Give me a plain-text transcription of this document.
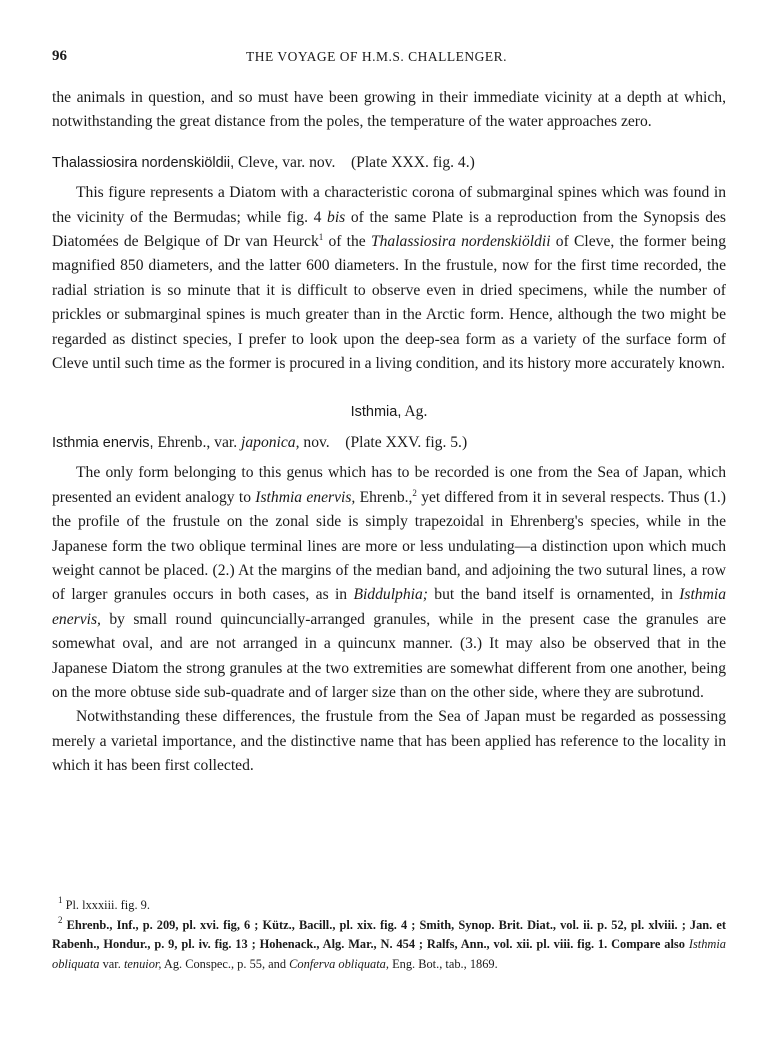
96	THE VOYAGE OF H.M.S. CHALLENGER.

the animals in question, and so must have been growing in their immediate vicinity at a depth at which, notwithstanding the great distance from the poles, the temperature of the water approaches zero.

Thalassiosira nordenskiöldii, Cleve, var. nov. (Plate XXX. fig. 4.)

This figure represents a Diatom with a characteristic corona of submarginal spines which was found in the vicinity of the Bermudas; while fig. 4 bis of the same Plate is a reproduction from the Synopsis des Diatomées de Belgique of Dr van Heurck$^1$ of the Thalassiosira nordenskiöldii of Cleve, the former being magnified 850 diameters, and the latter 600 diameters. In the frustule, now for the first time recorded, the radial striation is so minute that it is difficult to observe even in dried specimens, while the number of prickles or submarginal spines is much greater than in the Arctic form. Hence, although the two might be regarded as distinct species, I prefer to look upon the deep-sea form as a variety of the surface form of Cleve until such time as the former is procured in a living condition, and its history more accurately known.

Isthmia, Ag.

Isthmia enervis, Ehrenb., var. japonica, nov. (Plate XXV. fig. 5.)

The only form belonging to this genus which has to be recorded is one from the Sea of Japan, which presented an evident analogy to Isthmia enervis, Ehrenb.,$^2$ yet differed from it in several respects. Thus (1.) the profile of the frustule on the zonal side is simply trapezoidal in Ehrenberg's species, while in the Japanese form the two oblique terminal lines are more or less undulating—a distinction upon which much weight cannot be placed. (2.) At the margins of the median band, and adjoining the two sutural lines, a row of larger granules occurs in both cases, as in Biddulphia; but the band itself is ornamented, in Isthmia enervis, by small round quincuncially-arranged granules, while in the present case the granules are somewhat oval, and are not arranged in a quincunx manner. (3.) It may also be observed that in the Japanese Diatom the strong granules at the two extremities are somewhat different from one another, being on the more obtuse side sub-quadrate and of larger size than on the other side, where they are subrotund.

Notwithstanding these differences, the frustule from the Sea of Japan must be regarded as possessing merely a varietal importance, and the distinctive name that has been applied has reference to the locality in which it has been first collected.

$^1$ Pl. lxxxiii. fig. 9.

$^2$ Ehrenb., Inf., p. 209, pl. xvi. fig, 6 ; Kütz., Bacill., pl. xix. fig. 4 ; Smith, Synop. Brit. Diat., vol. ii. p. 52, pl. xlviii. ; Jan. et Rabenh., Hondur., p. 9, pl. iv. fig. 13 ; Hohenack., Alg. Mar., N. 454 ; Ralfs, Ann., vol. xii. pl. viii. fig. 1. Compare also Isthmia obliquata var. tenuior, Ag. Conspec., p. 55, and Conferva obliquata, Eng. Bot., tab., 1869.
